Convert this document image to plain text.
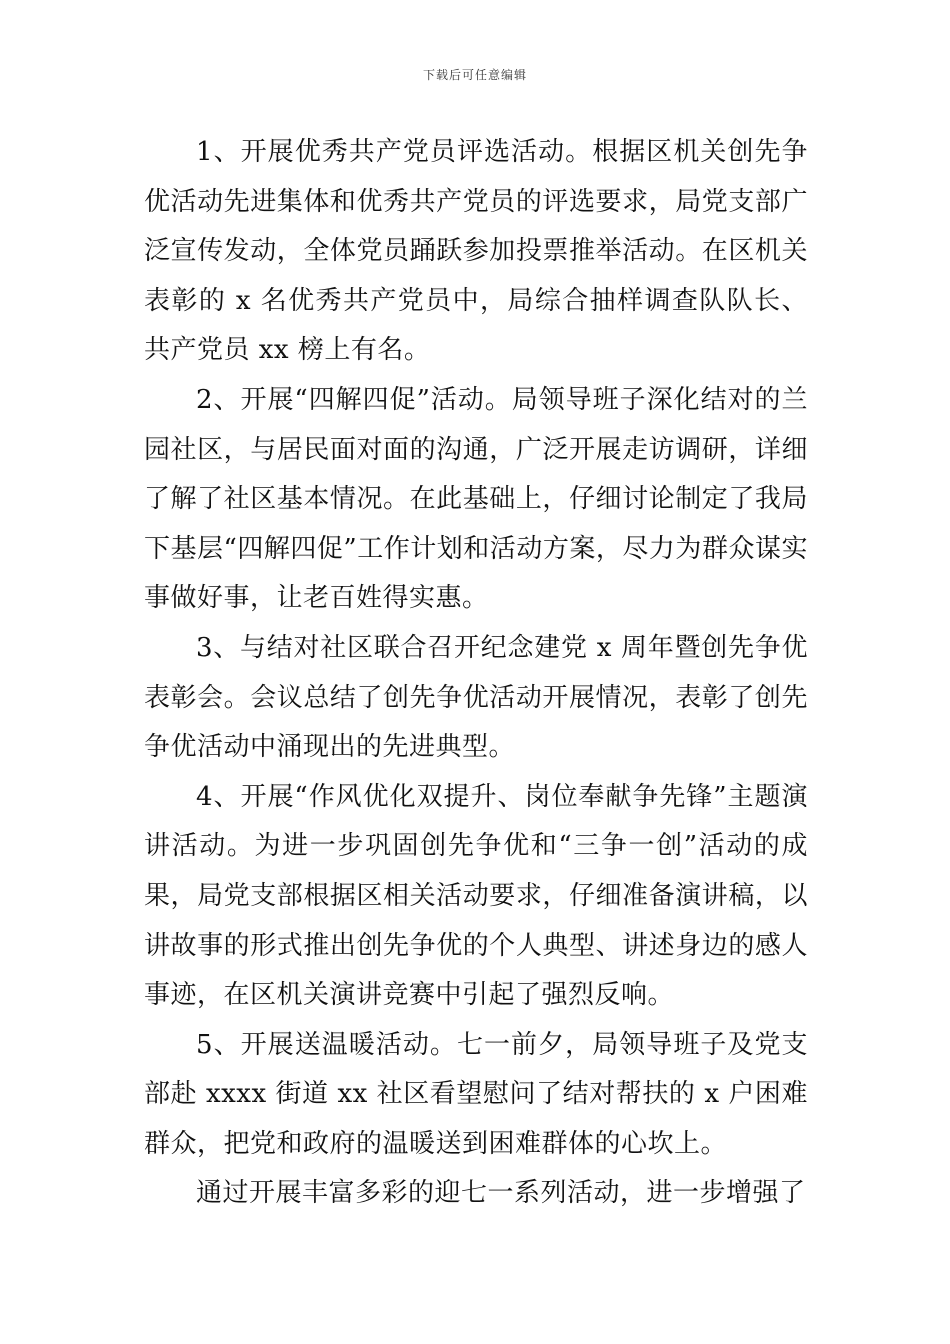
下载后可任意编辑

1、开展优秀共产党员评选活动。根据区机关创先争优活动先进集体和优秀共产党员的评选要求，局党支部广泛宣传发动，全体党员踊跃参加投票推举活动。在区机关表彰的 x 名优秀共产党员中，局综合抽样调查队队长、共产党员 xx 榜上有名。

2、开展“四解四促”活动。局领导班子深化结对的兰园社区，与居民面对面的沟通，广泛开展走访调研，详细了解了社区基本情况。在此基础上，仔细讨论制定了我局下基层“四解四促”工作计划和活动方案，尽力为群众谋实事做好事，让老百姓得实惠。

3、与结对社区联合召开纪念建党 x 周年暨创先争优表彰会。会议总结了创先争优活动开展情况，表彰了创先争优活动中涌现出的先进典型。

4、开展“作风优化双提升、岗位奉献争先锋”主题演讲活动。为进一步巩固创先争优和“三争一创”活动的成果，局党支部根据区相关活动要求，仔细准备演讲稿，以讲故事的形式推出创先争优的个人典型、讲述身边的感人事迹，在区机关演讲竞赛中引起了强烈反响。

5、开展送温暖活动。七一前夕，局领导班子及党支部赴 xxxx 街道 xx 社区看望慰问了结对帮扶的 x 户困难群众，把党和政府的温暖送到困难群体的心坎上。

通过开展丰富多彩的迎七一系列活动，进一步增强了
